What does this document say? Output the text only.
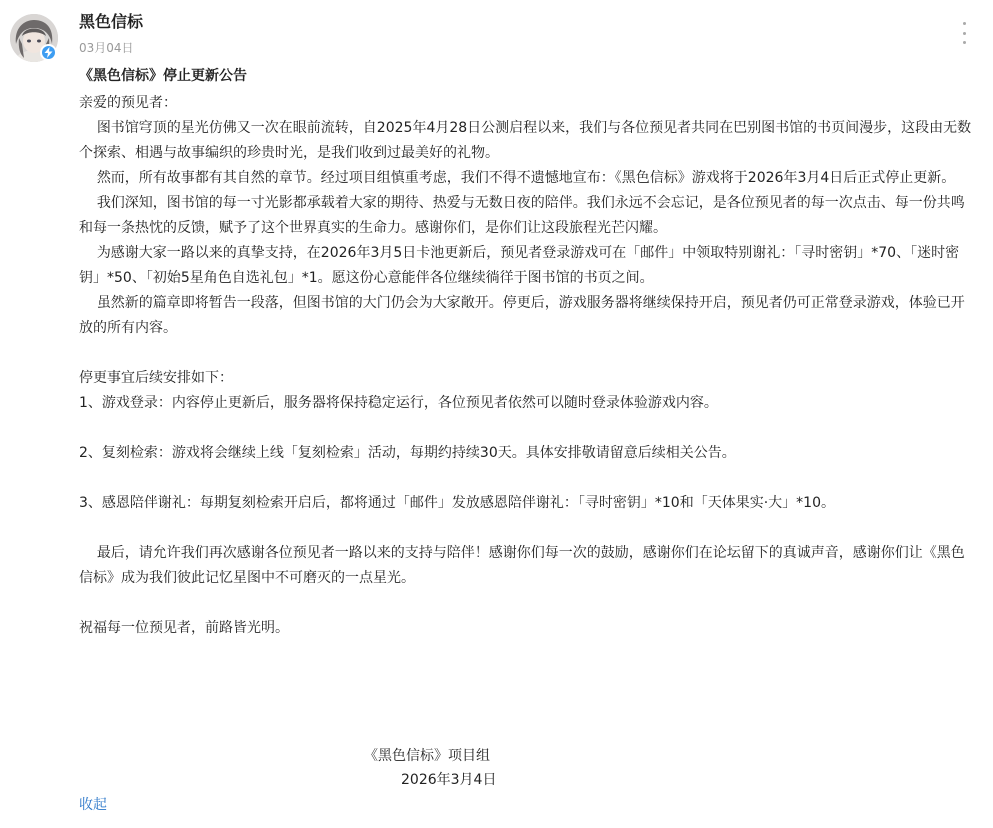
黑色信标
03月04日

《黑色信标》停止更新公告

亲爱的预见者：

图书馆穹顶的星光仿佛又一次在眼前流转，自2025年4月28日公测启程以来，我们与各位预见者共同在巴别图书馆的书页间漫步，这段由无数个探索、相遇与故事编织的珍贵时光，是我们收到过最美好的礼物。

然而，所有故事都有其自然的章节。经过项目组慎重考虑，我们不得不遗憾地宣布：《黑色信标》游戏将于2026年3月4日后正式停止更新。

我们深知，图书馆的每一寸光影都承载着大家的期待、热爱与无数日夜的陪伴。我们永远不会忘记，是各位预见者的每一次点击、每一份共鸣和每一条热忱的反馈，赋予了这个世界真实的生命力。感谢你们，是你们让这段旅程光芒闪耀。

为感谢大家一路以来的真挚支持，在2026年3月5日卡池更新后，预见者登录游戏可在「邮件」中领取特别谢礼：「寻时密钥」*70、「迷时密钥」*50、「初始5星角色自选礼包」*1。愿这份心意能伴各位继续徜徉于图书馆的书页之间。

虽然新的篇章即将暂告一段落，但图书馆的大门仍会为大家敞开。停更后，游戏服务器将继续保持开启，预见者仍可正常登录游戏，体验已开放的所有内容。

停更事宜后续安排如下：

1、游戏登录：内容停止更新后，服务器将保持稳定运行，各位预见者依然可以随时登录体验游戏内容。

2、复刻检索：游戏将会继续上线「复刻检索」活动，每期约持续30天。具体安排敬请留意后续相关公告。

3、感恩陪伴谢礼：每期复刻检索开启后，都将通过「邮件」发放感恩陪伴谢礼：「寻时密钥」*10和「天体果实·大」*10。

最后，请允许我们再次感谢各位预见者一路以来的支持与陪伴！感谢你们每一次的鼓励，感谢你们在论坛留下的真诚声音，感谢你们让《黑色信标》成为我们彼此记忆星图中不可磨灭的一点星光。

祝福每一位预见者，前路皆光明。

《黑色信标》项目组
2026年3月4日
收起
